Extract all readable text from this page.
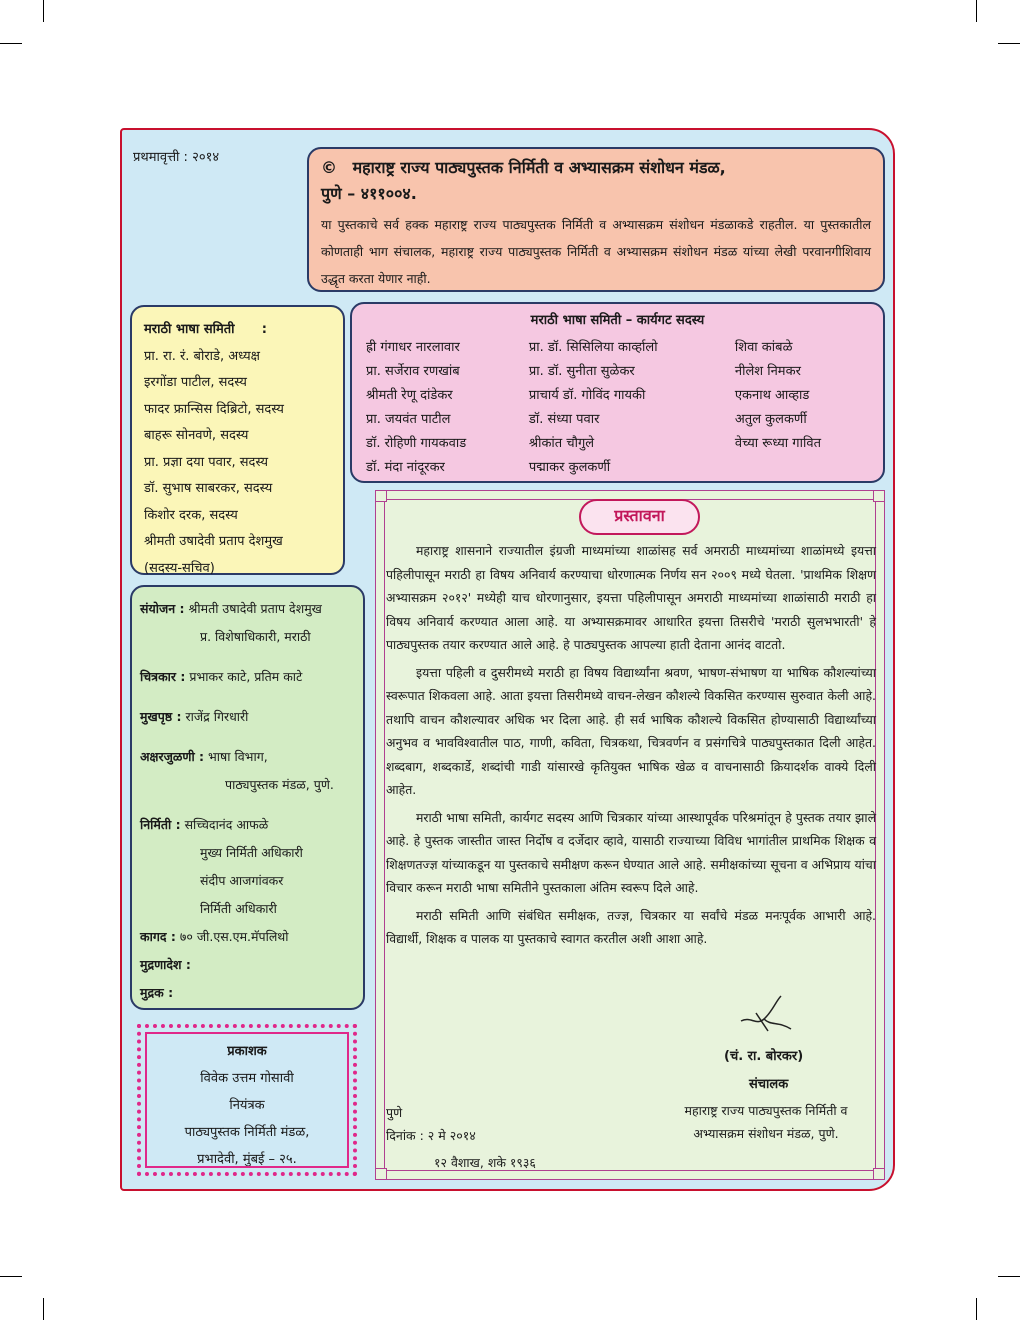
प्रथमावृत्ती : २०१४
© महाराष्ट्र राज्य पाठ्यपुस्तक निर्मिती व अभ्यासक्रम संशोधन मंडळ,
पुणे – ४११००४.
या पुस्तकाचे सर्व हक्क महाराष्ट्र राज्य पाठ्यपुस्तक निर्मिती व अभ्यासक्रम संशोधन मंडळाकडे राहतील. या पुस्तकातील कोणताही भाग संचालक, महाराष्ट्र राज्य पाठ्यपुस्तक निर्मिती व अभ्यासक्रम संशोधन मंडळ यांच्या लेखी परवानगीशिवाय उद्धृत करता येणार नाही.
मराठी भाषा समिती :
प्रा. रा. रं. बोराडे, अध्यक्ष
इरगोंडा पाटील, सदस्य
फादर फ्रान्सिस दिब्रिटो, सदस्य
बाहरू सोनवणे, सदस्य
प्रा. प्रज्ञा दया पवार, सदस्य
डॉ. सुभाष साबरकर, सदस्य
किशोर दरक, सदस्य
श्रीमती उषादेवी प्रताप देशमुख
(सदस्य-सचिव)
मराठी भाषा समिती – कार्यगट सदस्य
ह्री गंगाधर नारलावार
प्रा. सर्जेराव रणखांब
श्रीमती रेणू दांडेकर
प्रा. जयवंत पाटील
डॉ. रोहिणी गायकवाड
डॉ. मंदा नांदूरकर
प्रा. डॉ. सिसिलिया कार्व्हालो
प्रा. डॉ. सुनीता सुळेकर
प्राचार्य डॉ. गोविंद गायकी
डॉ. संध्या पवार
श्रीकांत चौगुले
पद्माकर कुलकर्णी
शिवा कांबळे
नीलेश निमकर
एकनाथ आव्हाड
अतुल कुलकर्णी
वेच्या रूध्या गावित
संयोजन : श्रीमती उषादेवी प्रताप देशमुख
प्र. विशेषाधिकारी, मराठी
चित्रकार : प्रभाकर काटे, प्रतिम काटे
मुखपृष्ठ : राजेंद्र गिरधारी
अक्षरजुळणी : भाषा विभाग,
पाठ्यपुस्तक मंडळ, पुणे.
निर्मिती : सच्चिदानंद आफळे
मुख्य निर्मिती अधिकारी
संदीप आजगांवकर
निर्मिती अधिकारी
कागद : ७० जी.एस.एम.मॅपलिथो
मुद्रणादेश :
मुद्रक :
प्रकाशक
विवेक उत्तम गोसावी
नियंत्रक
पाठ्यपुस्तक निर्मिती मंडळ,
प्रभादेवी, मुंबई – २५.
प्रस्तावना

महाराष्ट्र शासनाने राज्यातील इंग्रजी माध्यमांच्या शाळांसह सर्व अमराठी माध्यमांच्या शाळांमध्ये इयत्ता पहिलीपासून मराठी हा विषय अनिवार्य करण्याचा धोरणात्मक निर्णय सन २००९ मध्ये घेतला. 'प्राथमिक शिक्षण अभ्यासक्रम २०१२' मध्येही याच धोरणानुसार, इयत्ता पहिलीपासून अमराठी माध्यमांच्या शाळांसाठी मराठी हा विषय अनिवार्य करण्यात आला आहे. या अभ्यासक्रमावर आधारित इयत्ता तिसरीचे 'मराठी सुलभभारती' हे पाठ्यपुस्तक तयार करण्यात आले आहे. हे पाठ्यपुस्तक आपल्या हाती देताना आनंद वाटतो.

इयत्ता पहिली व दुसरीमध्ये मराठी हा विषय विद्यार्थ्यांना श्रवण, भाषण-संभाषण या भाषिक कौशल्यांच्या स्वरूपात शिकवला आहे. आता इयत्ता तिसरीमध्ये वाचन-लेखन कौशल्ये विकसित करण्यास सुरुवात केली आहे. तथापि वाचन कौशल्यावर अधिक भर दिला आहे. ही सर्व भाषिक कौशल्ये विकसित होण्यासाठी विद्यार्थ्यांच्या अनुभव व भावविश्वातील पाठ, गाणी, कविता, चित्रकथा, चित्रवर्णन व प्रसंगचित्रे पाठ्यपुस्तकात दिली आहेत. शब्दबाग, शब्दकार्डे, शब्दांची गाडी यांसारखे कृतियुक्त भाषिक खेळ व वाचनासाठी क्रियादर्शक वाक्ये दिली आहेत.

मराठी भाषा समिती, कार्यगट सदस्य आणि चित्रकार यांच्या आस्थापूर्वक परिश्रमांतून हे पुस्तक तयार झाले आहे. हे पुस्तक जास्तीत जास्त निर्दोष व दर्जेदार व्हावे, यासाठी राज्याच्या विविध भागांतील प्राथमिक शिक्षक व शिक्षणतज्ज्ञ यांच्याकडून या पुस्तकाचे समीक्षण करून घेण्यात आले आहे. समीक्षकांच्या सूचना व अभिप्राय यांचा विचार करून मराठी भाषा समितीने पुस्तकाला अंतिम स्वरूप दिले आहे.

मराठी समिती आणि संबंधित समीक्षक, तज्ज्ञ, चित्रकार या सर्वांचे मंडळ मनःपूर्वक आभारी आहे. विद्यार्थी, शिक्षक व पालक या पुस्तकाचे स्वागत करतील अशी आशा आहे.

(चं. रा. बोरकर)
संचालक
महाराष्ट्र राज्य पाठ्यपुस्तक निर्मिती व
अभ्यासक्रम संशोधन मंडळ, पुणे.
पुणे
दिनांक : २ मे २०१४
१२ वैशाख, शके १९३६
